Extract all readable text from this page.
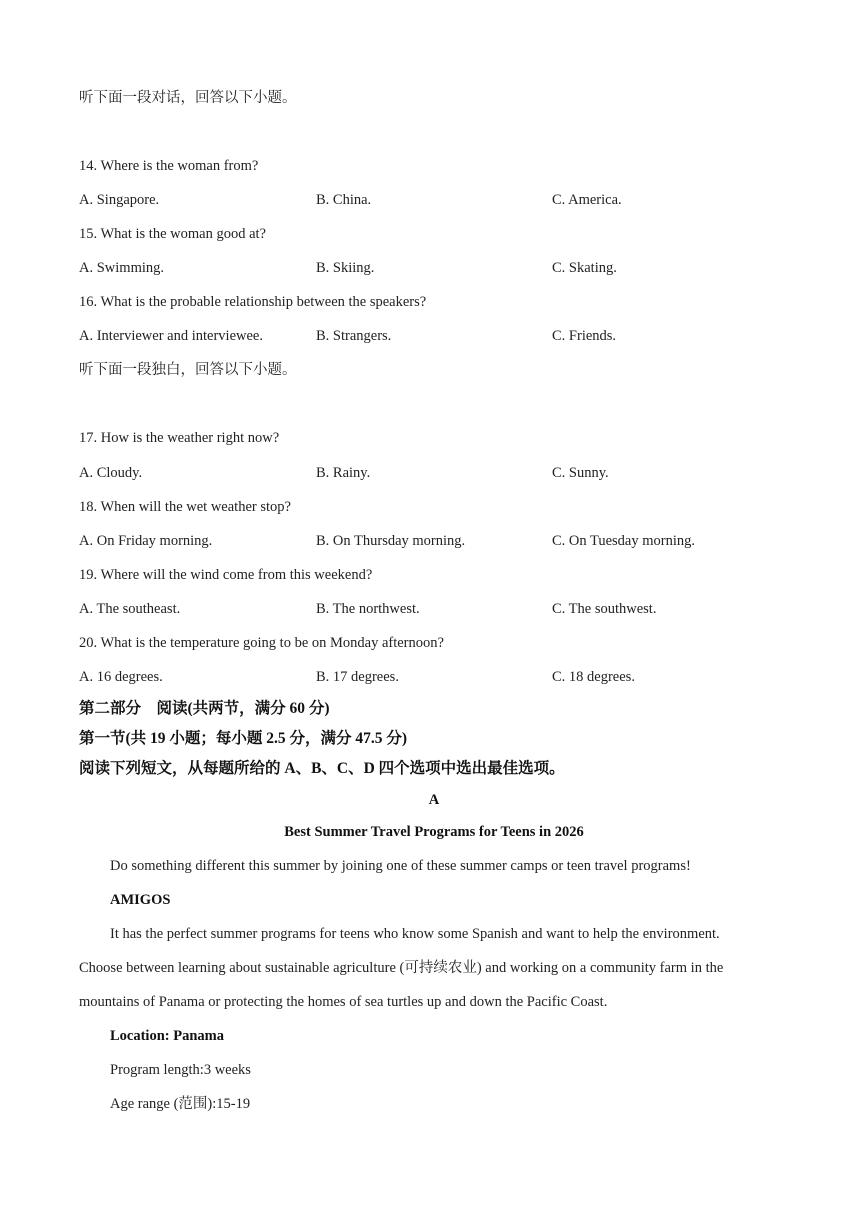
听下面一段对话，回答以下小题。
14. Where is the woman from?
A. Singapore.	B. China.	C. America.
15. What is the woman good at?
A. Swimming.	B. Skiing.	C. Skating.
16. What is the probable relationship between the speakers?
A. Interviewer and interviewee.	B. Strangers.	C. Friends.
听下面一段独白，回答以下小题。
17. How is the weather right now?
A. Cloudy.	B. Rainy.	C. Sunny.
18. When will the wet weather stop?
A. On Friday morning.	B. On Thursday morning.	C. On Tuesday morning.
19. Where will the wind come from this weekend?
A. The southeast.	B. The northwest.	C. The southwest.
20. What is the temperature going to be on Monday afternoon?
A. 16 degrees.	B. 17 degrees.	C. 18 degrees.
第二部分　阅读(共两节，满分 60 分)
第一节(共 19 小题；每小题 2.5 分，满分 47.5 分)
阅读下列短文，从每题所给的 A、B、C、D 四个选项中选出最佳选项。
A
Best Summer Travel Programs for Teens in 2026
Do something different this summer by joining one of these summer camps or teen travel programs!
AMIGOS
It has the perfect summer programs for teens who know some Spanish and want to help the environment.
Choose between learning about sustainable agriculture (可持续农业) and working on a community farm in the
mountains of Panama or protecting the homes of sea turtles up and down the Pacific Coast.
Location: Panama
Program length:3 weeks
Age range (范围):15-19
